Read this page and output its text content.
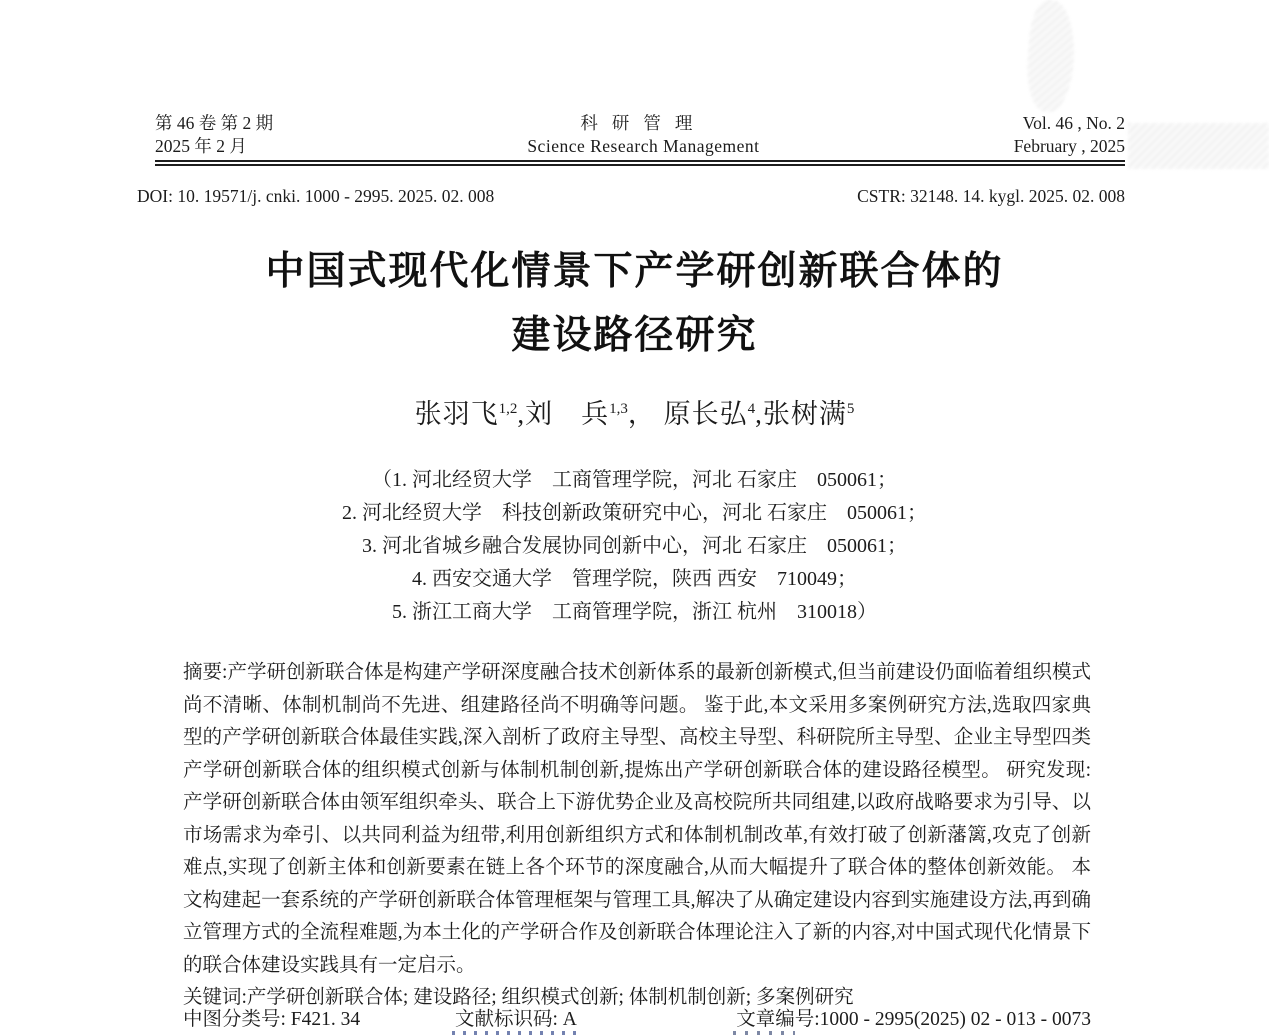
第 46 卷 第 2 期
2025 年 2 月
科研管理
Science Research Management
Vol. 46 , No. 2
February , 2025
DOI: 10. 19571/j. cnki. 1000 - 2995. 2025. 02. 008	CSTR: 32148. 14. kygl. 2025. 02. 008
中国式现代化情景下产学研创新联合体的
建设路径研究
张羽飞$^{1,2}$,刘　兵$^{1,3}$， 原长弘$^4$,张树满$^5$
（1. 河北经贸大学　工商管理学院，河北 石家庄　050061；
2. 河北经贸大学　科技创新政策研究中心，河北 石家庄　050061；
3. 河北省城乡融合发展协同创新中心，河北 石家庄　050061；
4. 西安交通大学　管理学院，陕西 西安　710049；
5. 浙江工商大学　工商管理学院，浙江 杭州　310018）

摘要:产学研创新联合体是构建产学研深度融合技术创新体系的最新创新模式,但当前建设仍面临着组织模式尚不清晰、体制机制尚不先进、组建路径尚不明确等问题。 鉴于此,本文采用多案例研究方法,选取四家典型的产学研创新联合体最佳实践,深入剖析了政府主导型、高校主导型、科研院所主导型、企业主导型四类产学研创新联合体的组织模式创新与体制机制创新,提炼出产学研创新联合体的建设路径模型。 研究发现:产学研创新联合体由领军组织牵头、联合上下游优势企业及高校院所共同组建,以政府战略要求为引导、以市场需求为牵引、以共同利益为纽带,利用创新组织方式和体制机制改革,有效打破了创新藩篱,攻克了创新难点,实现了创新主体和创新要素在链上各个环节的深度融合,从而大幅提升了联合体的整体创新效能。 本文构建起一套系统的产学研创新联合体管理框架与管理工具,解决了从确定建设内容到实施建设方法,再到确立管理方式的全流程难题,为本土化的产学研合作及创新联合体理论注入了新的内容,对中国式现代化情景下的联合体建设实践具有一定启示。

关键词:产学研创新联合体; 建设路径; 组织模式创新; 体制机制创新; 多案例研究

中图分类号: F421. 34	文献标识码: A	文章编号:1000 - 2995(2025) 02 - 013 - 0073
